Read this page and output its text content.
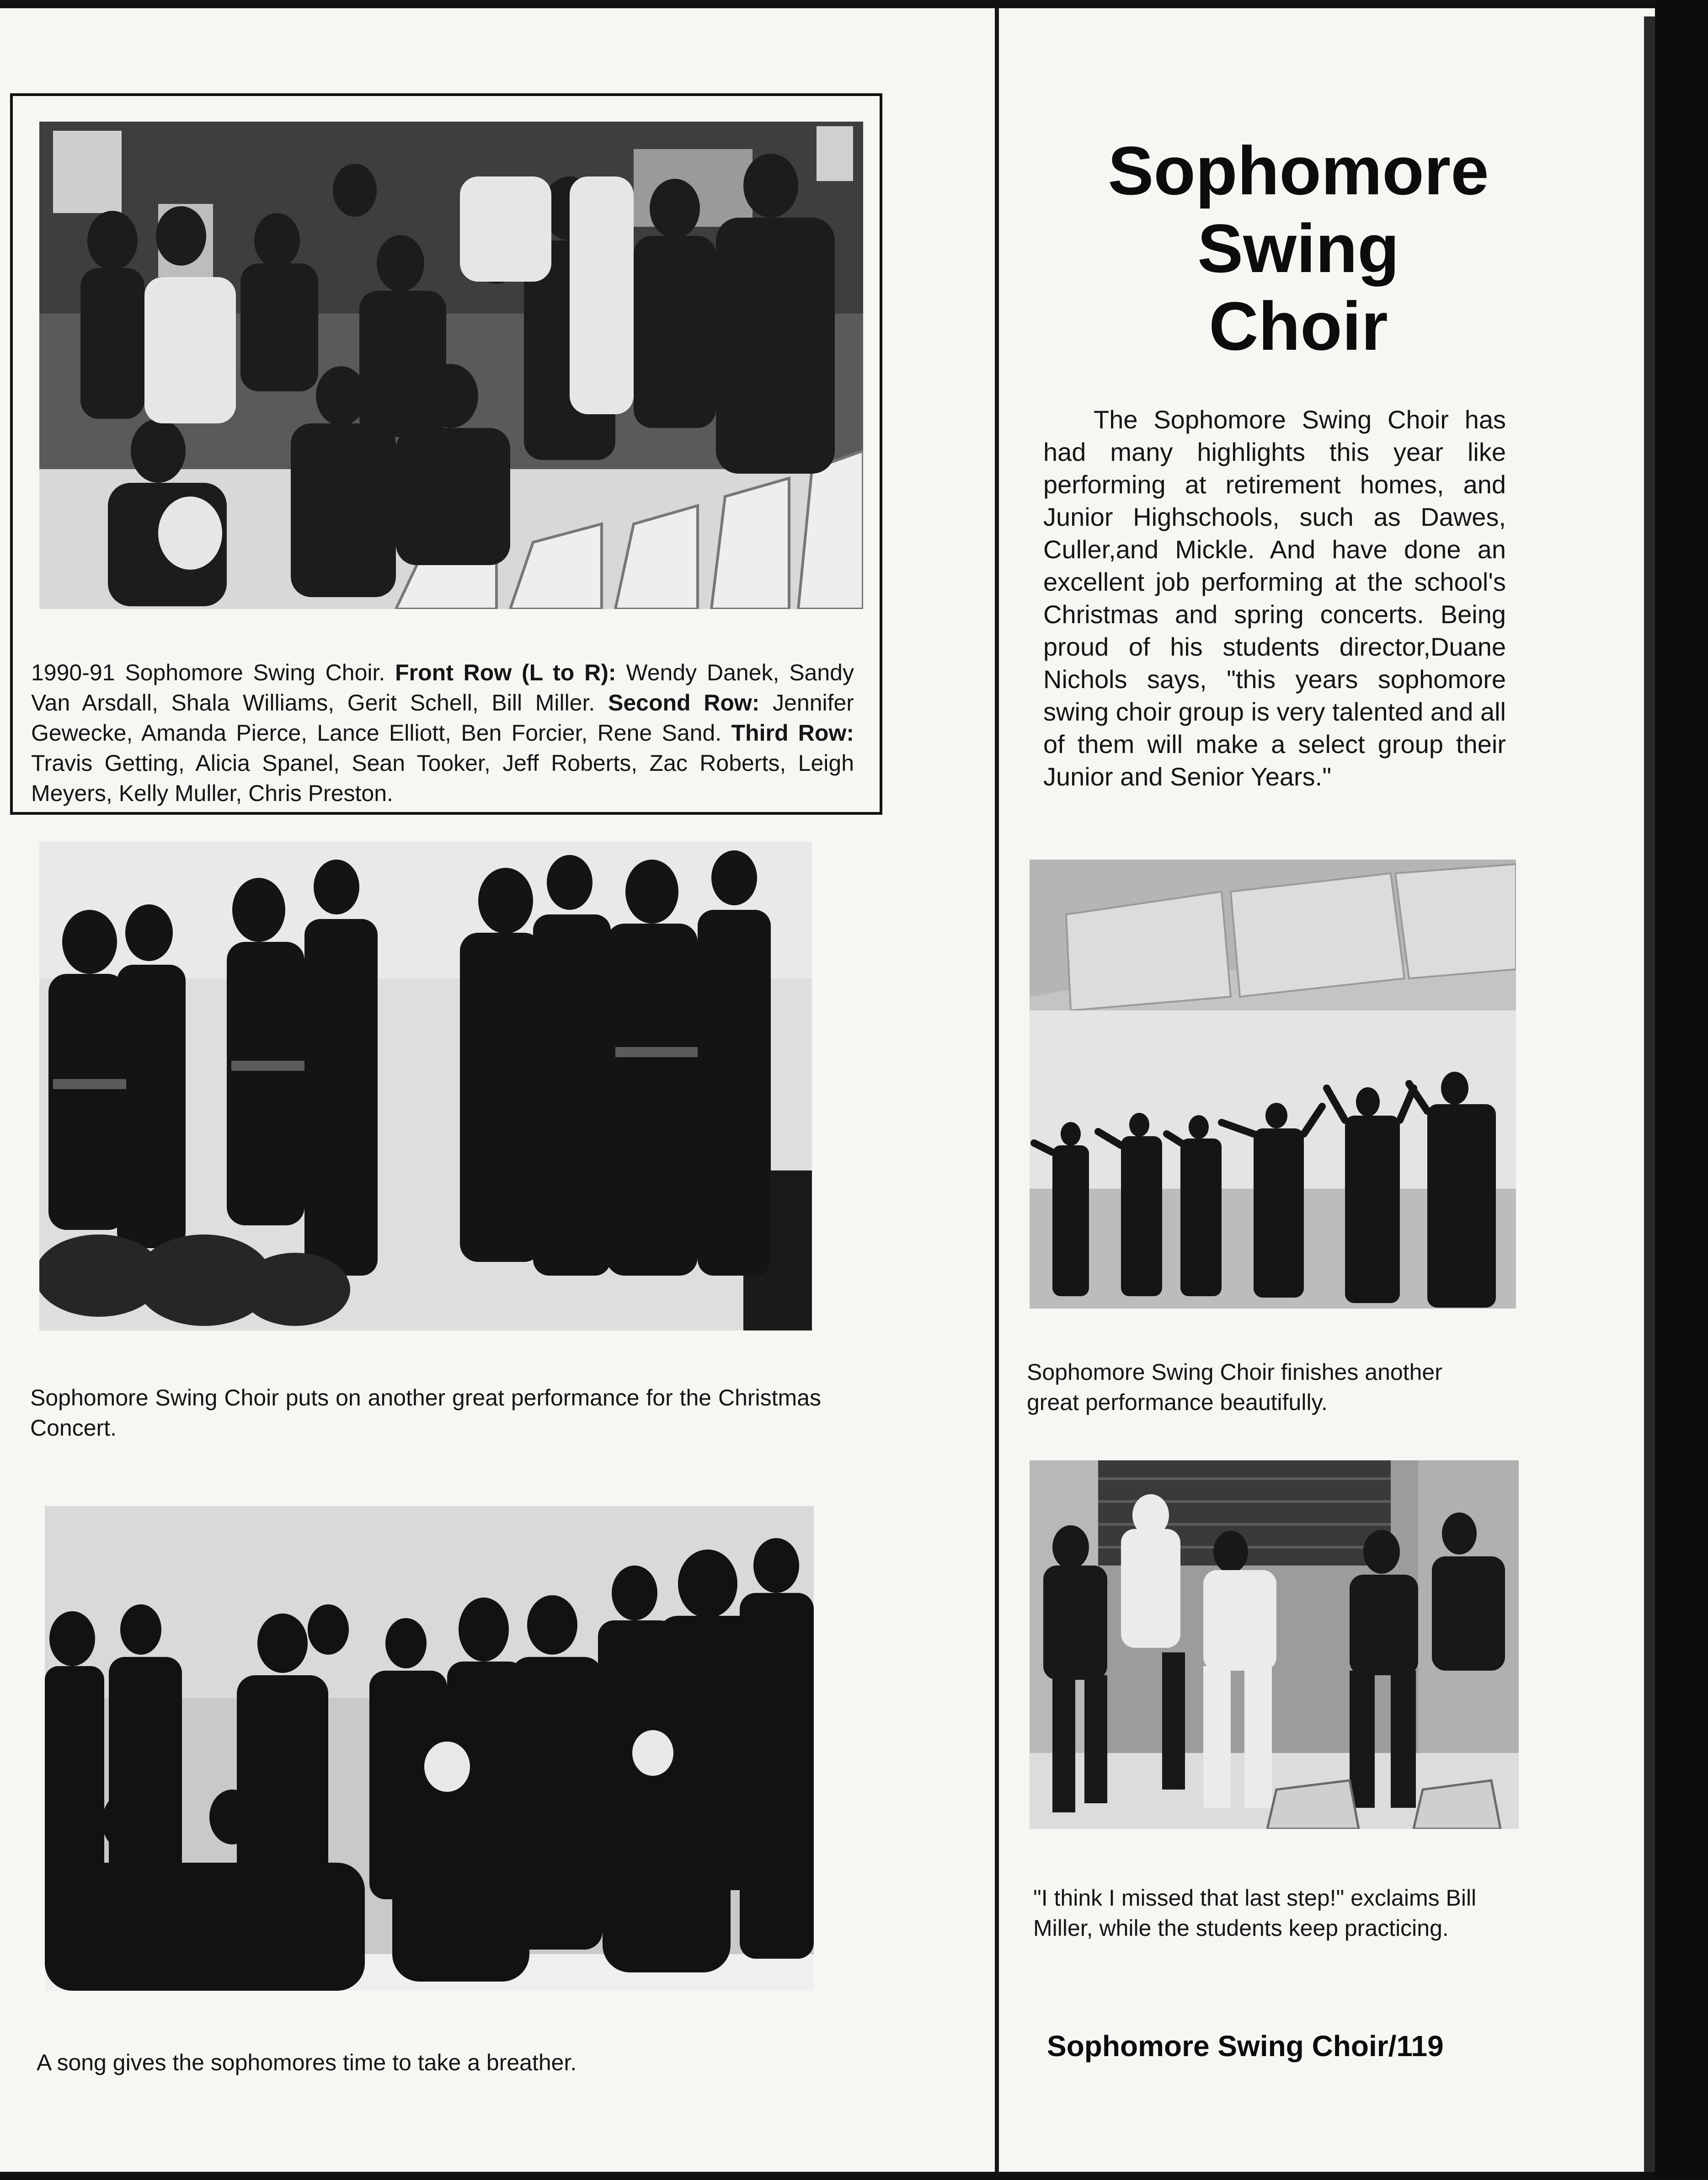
1990-91 Sophomore Swing Choir. Front Row (L to R): Wendy Danek, Sandy Van Arsdall, Shala Williams, Gerit Schell, Bill Miller. Second Row: Jennifer Gewecke, Amanda Pierce, Lance Elliott, Ben Forcier, Rene Sand. Third Row: Travis Getting, Alicia Spanel, Sean Tooker, Jeff Roberts, Zac Roberts, Leigh Meyers, Kelly Muller, Chris Preston.
Sophomore Swing Choir puts on another great performance for the Christmas Concert.
A song gives the sophomores time to take a breather.
Sophomore
Swing
Choir
The Sophomore Swing Choir has had many highlights this year like performing at retirement homes, and Junior Highschools, such as Dawes, Culler,and Mickle. And have done an excellent job performing at the school's Christmas and spring concerts. Being proud of his students director,Duane Nichols says, "this years sophomore swing choir group is very talented and all of them will make a select group their Junior and Senior Years."
Sophomore Swing Choir finishes another great performance beautifully.
"I think I missed that last step!" exclaims Bill Miller, while the students keep practicing.
Sophomore Swing Choir/119
